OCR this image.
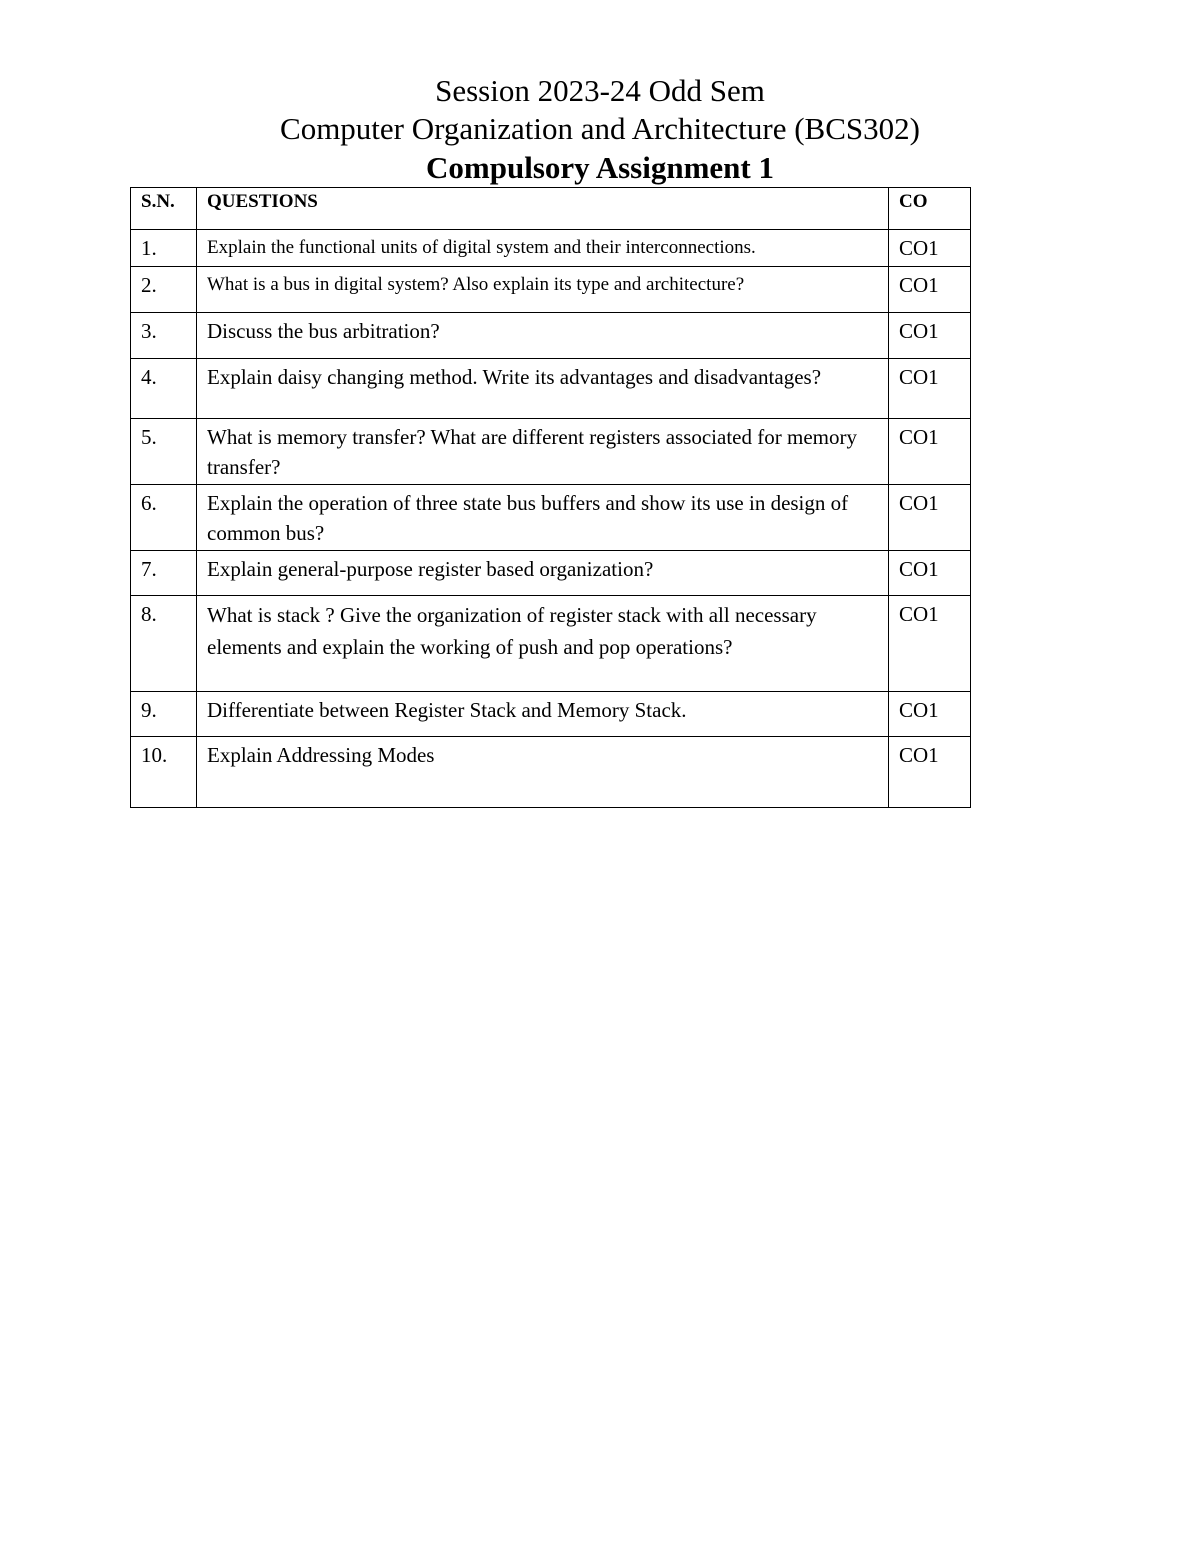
Session 2023-24 Odd Sem

Computer Organization and Architecture (BCS302)

Compulsory Assignment 1

S.N.	QUESTIONS	CO
1.	Explain the functional units of digital system and their interconnections.	CO1
2.	What is a bus in digital system? Also explain its type and architecture?	CO1
3.	Discuss the bus arbitration?	CO1
4.	Explain daisy changing method. Write its advantages and disadvantages?	CO1
5.	What is memory transfer? What are different registers associated for memory transfer?	CO1
6.	Explain the operation of three state bus buffers and show its use in design of common bus?	CO1
7.	Explain general-purpose register based organization?	CO1
8.	What is stack ? Give the organization of register stack with all necessary elements and explain the working of push and pop operations?	CO1
9.	Differentiate between Register Stack and Memory Stack.	CO1
10.	Explain Addressing Modes	CO1
